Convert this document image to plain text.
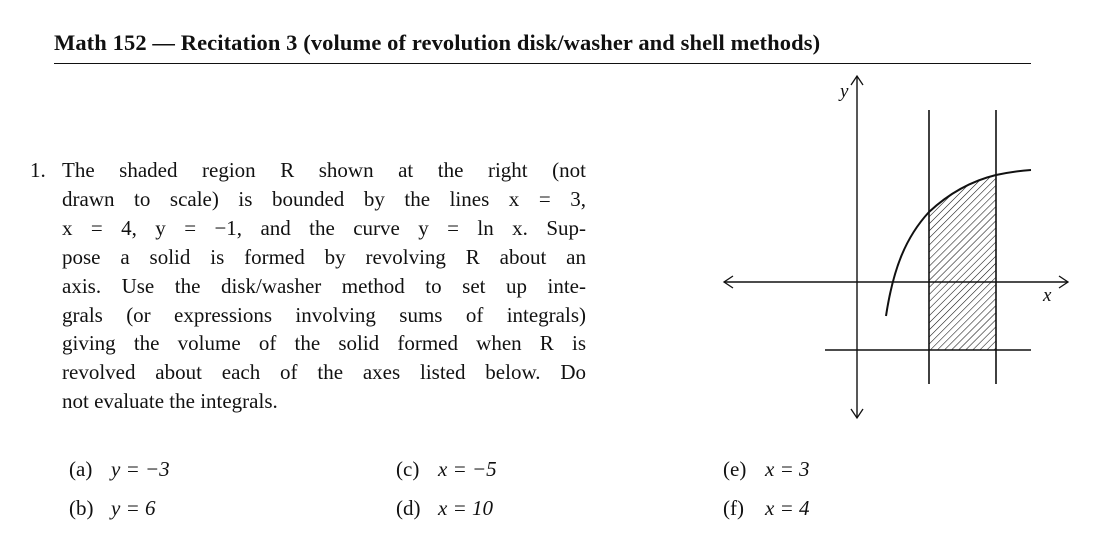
Math 152 — Recitation 3 (volume of revolution disk/washer and shell methods)
1. The shaded region R shown at the right (not
drawn to scale) is bounded by the lines x = 3,
x = 4, y = −1, and the curve y = ln x. Sup-
pose a solid is formed by revolving R about an
axis. Use the disk/washer method to set up inte-
grals (or expressions involving sums of integrals)
giving the volume of the solid formed when R is
revolved about each of the axes listed below. Do
not evaluate the integrals.
(a) y = −3
(b) y = 6
(c) x = −5
(d) x = 10
(e) x = 3
(f) x = 4
y
x
